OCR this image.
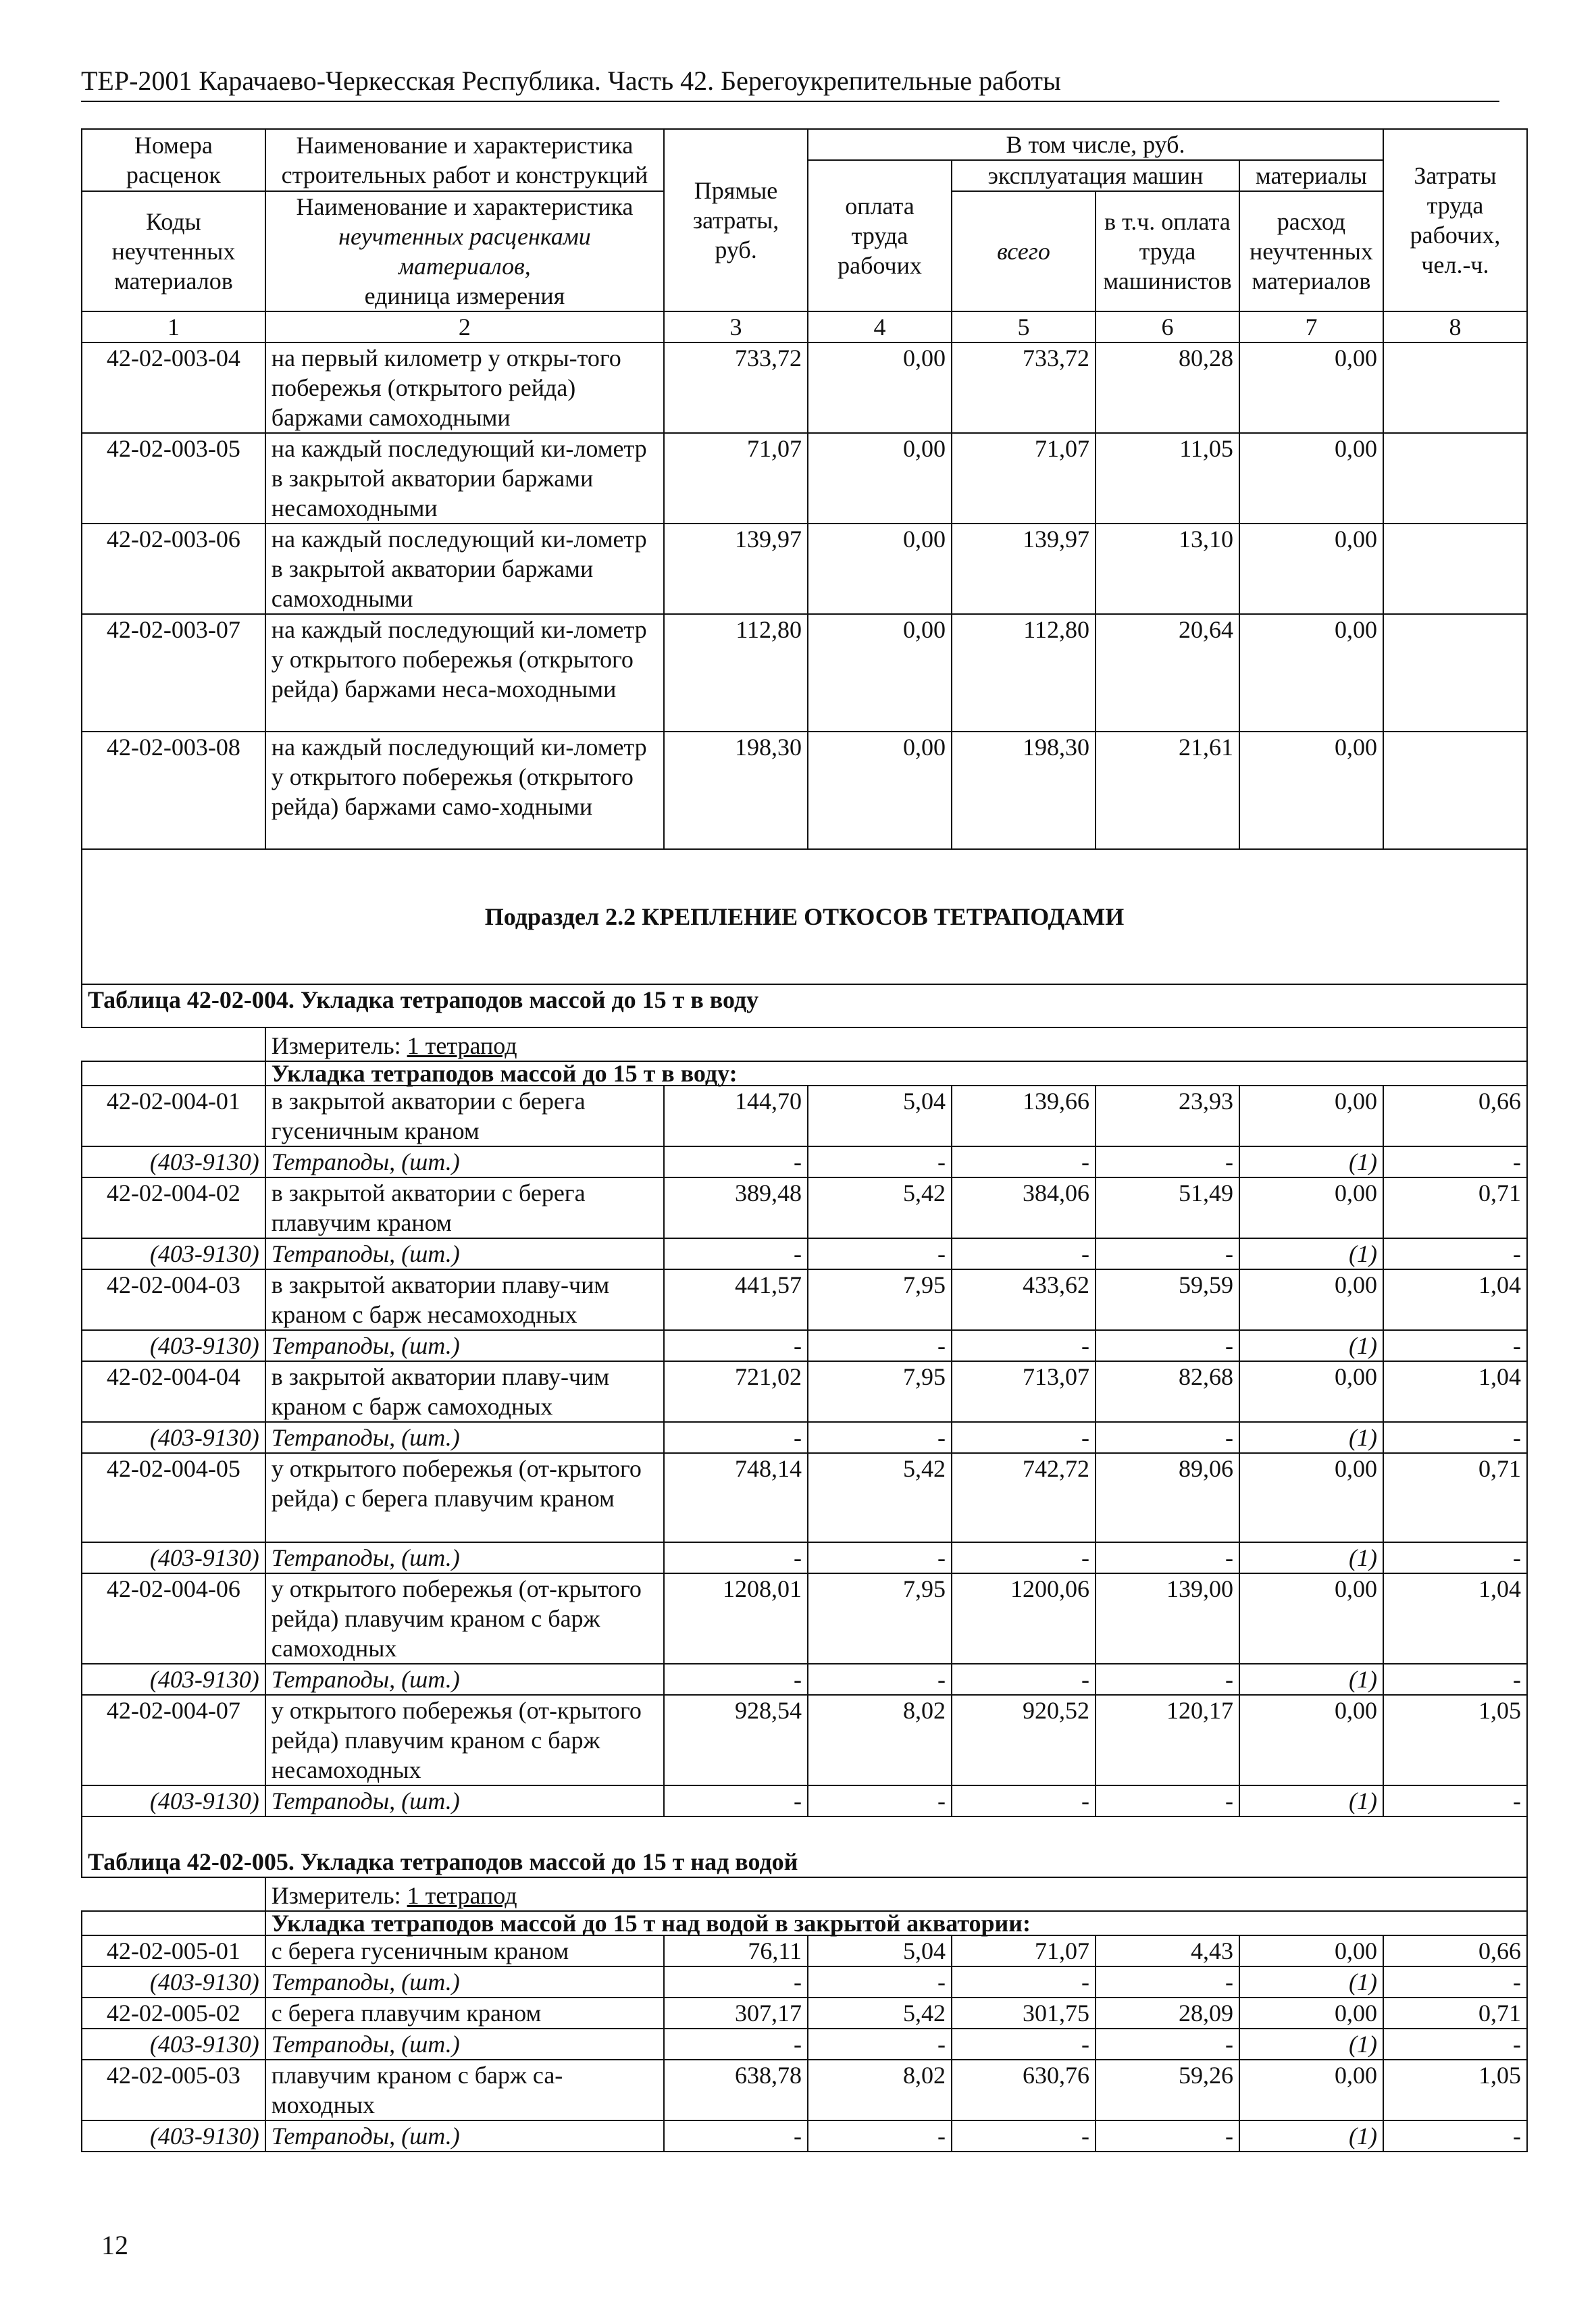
ТЕР-2001 Карачаево-Черкесская Республика. Часть 42. Берегоукрепительные работы
Номера расценок	Наименование и характеристика строительных работ и конструкций	Прямые затраты, руб.	В том числе, руб.				Затраты труда рабочих, чел.-ч.
			оплата труда рабочих	эксплуатация машин		материалы	
Коды неучтенных материалов	Наименование и характеристика
неучтенных расценками материалов,
единица измерения			всего	в т.ч. оплата труда машинистов	расход неучтенных материалов	

1	2	3	4	5	6	7	8
42-02-003-04	на первый километр у откры-того побережья (открытого рейда) баржами самоходными	733,72	0,00	733,72	80,28	0,00	
42-02-003-05	на каждый последующий ки-лометр в закрытой акватории баржами несамоходными	71,07	0,00	71,07	11,05	0,00	
42-02-003-06	на каждый последующий ки-лометр в закрытой акватории баржами самоходными	139,97	0,00	139,97	13,10	0,00	
42-02-003-07	на каждый последующий ки-лометр у открытого побережья (открытого рейда) баржами неса-моходными	112,80	0,00	112,80	20,64	0,00	
42-02-003-08	на каждый последующий ки-лометр у открытого побережья (открытого рейда) баржами само-ходными	198,30	0,00	198,30	21,61	0,00	
Подраздел 2.2 КРЕПЛЕНИЕ ОТКОСОВ ТЕТРАПОДАМИ							
Таблица 42-02-004. Укладка тетраподов массой до 15 т в воду							
	Измеритель: 1 тетрапод						
	Укладка тетраподов массой до 15 т в воду:						
42-02-004-01	в закрытой акватории с берега гусеничным краном	144,70	5,04	139,66	23,93	0,00	0,66
(403-9130)	Тетраподы, (шт.)	-	-	-	-	(1)	-
42-02-004-02	в закрытой акватории с берега плавучим краном	389,48	5,42	384,06	51,49	0,00	0,71
(403-9130)	Тетраподы, (шт.)	-	-	-	-	(1)	-
42-02-004-03	в закрытой акватории плаву-чим краном с барж несамоходных	441,57	7,95	433,62	59,59	0,00	1,04
(403-9130)	Тетраподы, (шт.)	-	-	-	-	(1)	-
42-02-004-04	в закрытой акватории плаву-чим краном с барж самоходных	721,02	7,95	713,07	82,68	0,00	1,04
(403-9130)	Тетраподы, (шт.)	-	-	-	-	(1)	-
42-02-004-05	у открытого побережья (от-крытого рейда) с берега плавучим краном	748,14	5,42	742,72	89,06	0,00	0,71
(403-9130)	Тетраподы, (шт.)	-	-	-	-	(1)	-
42-02-004-06	у открытого побережья (от-крытого рейда) плавучим краном с барж самоходных	1208,01	7,95	1200,06	139,00	0,00	1,04
(403-9130)	Тетраподы, (шт.)	-	-	-	-	(1)	-
42-02-004-07	у открытого побережья (от-крытого рейда) плавучим краном с барж несамоходных	928,54	8,02	920,52	120,17	0,00	1,05
(403-9130)	Тетраподы, (шт.)	-	-	-	-	(1)	-
Таблица 42-02-005. Укладка тетраподов массой до 15 т над водой							
	Измеритель: 1 тетрапод						
	Укладка тетраподов массой до 15 т над водой в закрытой акватории:						
42-02-005-01	с берега гусеничным краном	76,11	5,04	71,07	4,43	0,00	0,66
(403-9130)	Тетраподы, (шт.)	-	-	-	-	(1)	-
42-02-005-02	с берега плавучим краном	307,17	5,42	301,75	28,09	0,00	0,71
(403-9130)	Тетраподы, (шт.)	-	-	-	-	(1)	-
42-02-005-03	плавучим краном с барж са-моходных	638,78	8,02	630,76	59,26	0,00	1,05
(403-9130)	Тетраподы, (шт.)	-	-	-	-	(1)	-
12
